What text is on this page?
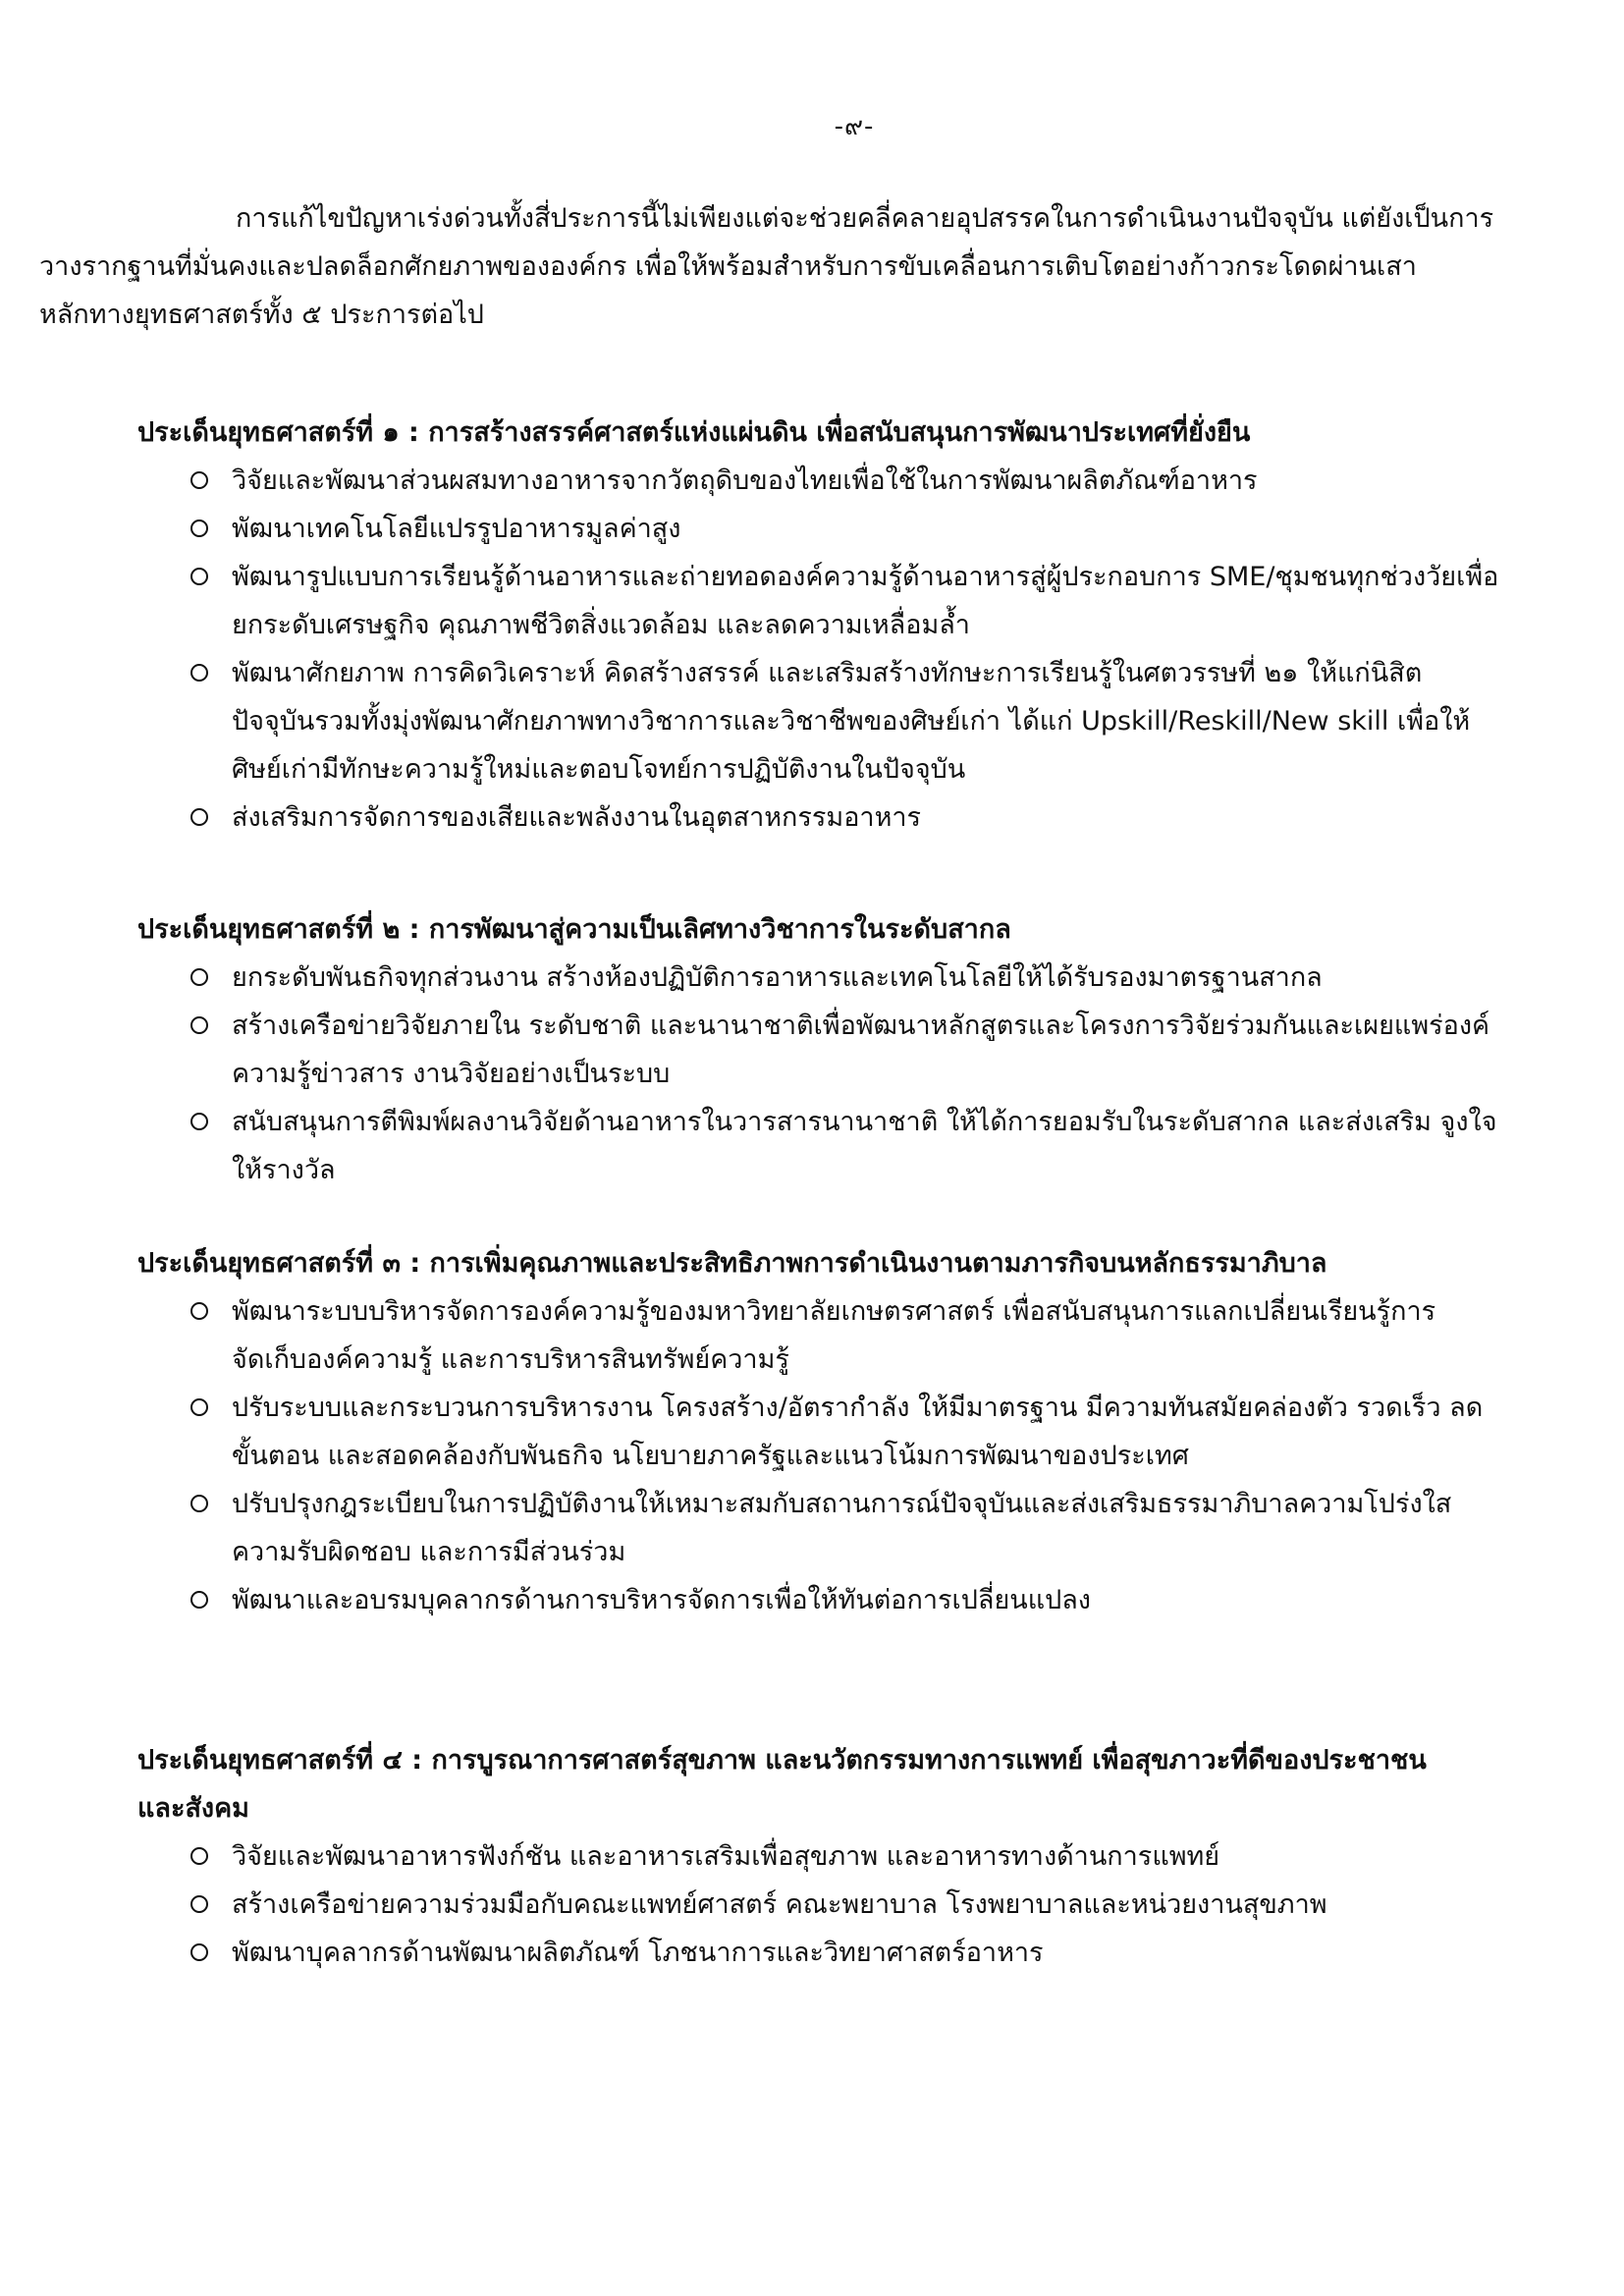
-๙-
การแก้ไขปัญหาเร่งด่วนทั้งสี่ประการนี้ไม่เพียงแต่จะช่วยคลี่คลายอุปสรรคในการดำเนินงานปัจจุบัน แต่ยังเป็นการ
วางรากฐานที่มั่นคงและปลดล็อกศักยภาพขององค์กร เพื่อให้พร้อมสำหรับการขับเคลื่อนการเติบโตอย่างก้าวกระโดดผ่านเสา
หลักทางยุทธศาสตร์ทั้ง ๕ ประการต่อไป
ประเด็นยุทธศาสตร์ที่ ๑ : การสร้างสรรค์ศาสตร์แห่งแผ่นดิน เพื่อสนับสนุนการพัฒนาประเทศที่ยั่งยืน
วิจัยและพัฒนาส่วนผสมทางอาหารจากวัตถุดิบของไทยเพื่อใช้ในการพัฒนาผลิตภัณฑ์อาหาร
พัฒนาเทคโนโลยีแปรรูปอาหารมูลค่าสูง
พัฒนารูปแบบการเรียนรู้ด้านอาหารและถ่ายทอดองค์ความรู้ด้านอาหารสู่ผู้ประกอบการ SME/ชุมชนทุกช่วงวัยเพื่อ
ยกระดับเศรษฐกิจ คุณภาพชีวิตสิ่งแวดล้อม และลดความเหลื่อมล้ำ
พัฒนาศักยภาพ การคิดวิเคราะห์ คิดสร้างสรรค์ และเสริมสร้างทักษะการเรียนรู้ในศตวรรษที่ ๒๑ ให้แก่นิสิต
ปัจจุบันรวมทั้งมุ่งพัฒนาศักยภาพทางวิชาการและวิชาชีพของศิษย์เก่า ได้แก่ Upskill/Reskill/New skill เพื่อให้
ศิษย์เก่ามีทักษะความรู้ใหม่และตอบโจทย์การปฏิบัติงานในปัจจุบัน
ส่งเสริมการจัดการของเสียและพลังงานในอุตสาหกรรมอาหาร
ประเด็นยุทธศาสตร์ที่ ๒ : การพัฒนาสู่ความเป็นเลิศทางวิชาการในระดับสากล
ยกระดับพันธกิจทุกส่วนงาน สร้างห้องปฏิบัติการอาหารและเทคโนโลยีให้ได้รับรองมาตรฐานสากล
สร้างเครือข่ายวิจัยภายใน ระดับชาติ และนานาชาติเพื่อพัฒนาหลักสูตรและโครงการวิจัยร่วมกันและเผยแพร่องค์
ความรู้ข่าวสาร งานวิจัยอย่างเป็นระบบ
สนับสนุนการตีพิมพ์ผลงานวิจัยด้านอาหารในวารสารนานาชาติ ให้ได้การยอมรับในระดับสากล และส่งเสริม จูงใจ
ให้รางวัล
ประเด็นยุทธศาสตร์ที่ ๓ : การเพิ่มคุณภาพและประสิทธิภาพการดำเนินงานตามภารกิจบนหลักธรรมาภิบาล
พัฒนาระบบบริหารจัดการองค์ความรู้ของมหาวิทยาลัยเกษตรศาสตร์ เพื่อสนับสนุนการแลกเปลี่ยนเรียนรู้การ
จัดเก็บองค์ความรู้ และการบริหารสินทรัพย์ความรู้
ปรับระบบและกระบวนการบริหารงาน โครงสร้าง/อัตรากำลัง ให้มีมาตรฐาน มีความทันสมัยคล่องตัว รวดเร็ว ลด
ขั้นตอน และสอดคล้องกับพันธกิจ นโยบายภาครัฐและแนวโน้มการพัฒนาของประเทศ
ปรับปรุงกฎระเบียบในการปฏิบัติงานให้เหมาะสมกับสถานการณ์ปัจจุบันและส่งเสริมธรรมาภิบาลความโปร่งใส
ความรับผิดชอบ และการมีส่วนร่วม
พัฒนาและอบรมบุคลากรด้านการบริหารจัดการเพื่อให้ทันต่อการเปลี่ยนแปลง
ประเด็นยุทธศาสตร์ที่ ๔ : การบูรณาการศาสตร์สุขภาพ และนวัตกรรมทางการแพทย์ เพื่อสุขภาวะที่ดีของประชาชน
และสังคม
วิจัยและพัฒนาอาหารฟังก์ชัน และอาหารเสริมเพื่อสุขภาพ และอาหารทางด้านการแพทย์
สร้างเครือข่ายความร่วมมือกับคณะแพทย์ศาสตร์ คณะพยาบาล โรงพยาบาลและหน่วยงานสุขภาพ
พัฒนาบุคลากรด้านพัฒนาผลิตภัณฑ์ โภชนาการและวิทยาศาสตร์อาหาร
